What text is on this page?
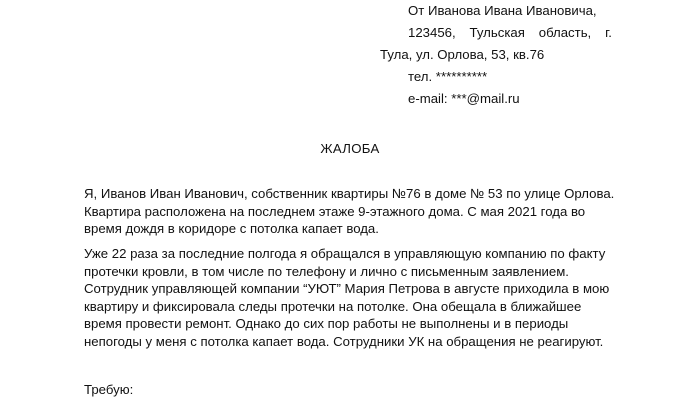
От Иванова Ивана Ивановича,
123456, Тульская область, г.
Тула, ул. Орлова, 53, кв.76
тел. **********
e-mail: ***@mail.ru
ЖАЛОБА

Я, Иванов Иван Иванович, собственник квартиры №76 в доме № 53 по улице Орлова.

Квартира расположена на последнем этаже 9-этажного дома. С мая 2021 года во

время дождя в коридоре с потолка капает вода.

Уже 22 раза за последние полгода я обращался в управляющую компанию по факту

протечки кровли, в том числе по телефону и лично с письменным заявлением.

Сотрудник управляющей компании “УЮТ” Мария Петрова в августе приходила в мою

квартиру и фиксировала следы протечки на потолке. Она обещала в ближайшее

время провести ремонт. Однако до сих пор работы не выполнены и в периоды

непогоды у меня с потолка капает вода. Сотрудники УК на обращения не реагируют.

Требую:
